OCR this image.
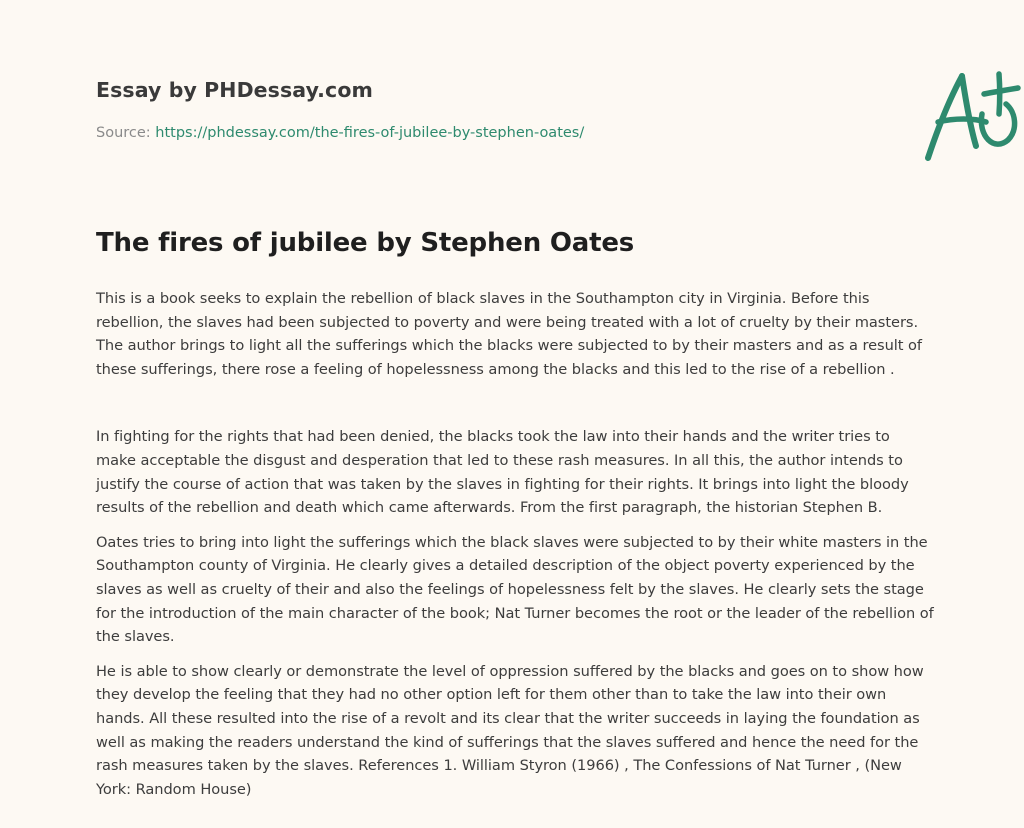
Essay by PHDessay.com
Source: https://phdessay.com/the-fires-of-jubilee-by-stephen-oates/
The fires of jubilee by Stephen Oates

This is a book seeks to explain the rebellion of black slaves in the Southampton city in Virginia. Before this rebellion, the slaves had been subjected to poverty and were being treated with a lot of cruelty by their masters. The author brings to light all the sufferings which the blacks were subjected to by their masters and as a result of these sufferings, there rose a feeling of hopelessness among the blacks and this led to the rise of a rebellion .

In fighting for the rights that had been denied, the blacks took the law into their hands and the writer tries to make acceptable the disgust and desperation that led to these rash measures. In all this, the author intends to justify the course of action that was taken by the slaves in fighting for their rights. It brings into light the bloody results of the rebellion and death which came afterwards. From the first paragraph, the historian Stephen B.

Oates tries to bring into light the sufferings which the black slaves were subjected to by their white masters in the Southampton county of Virginia. He clearly gives a detailed description of the object poverty experienced by the slaves as well as cruelty of their and also the feelings of hopelessness felt by the slaves. He clearly sets the stage for the introduction of the main character of the book; Nat Turner becomes the root or the leader of the rebellion of the slaves.

He is able to show clearly or demonstrate the level of oppression suffered by the blacks and goes on to show how they develop the feeling that they had no other option left for them other than to take the law into their own hands. All these resulted into the rise of a revolt and its clear that the writer succeeds in laying the foundation as well as making the readers understand the kind of sufferings that the slaves suffered and hence the need for the rash measures taken by the slaves. References 1. William Styron (1966) , The Confessions of Nat Turner , (New York: Random House)
